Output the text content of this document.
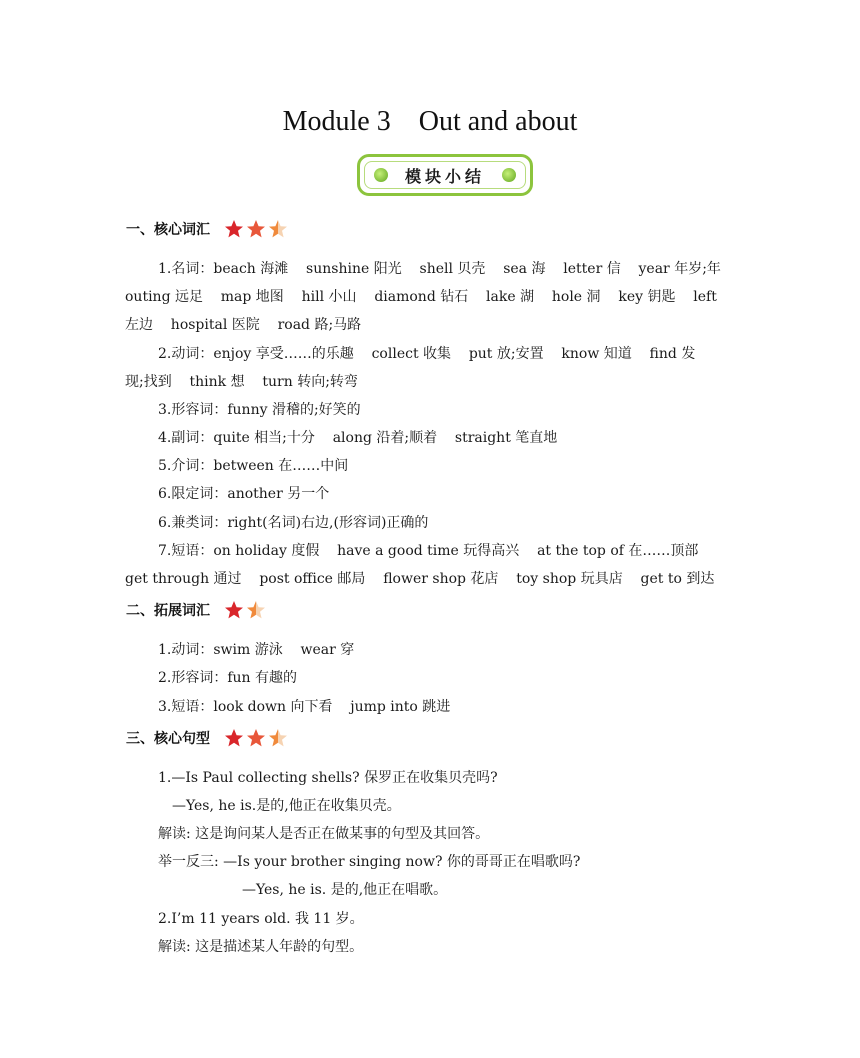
Module 3    Out and about
模块小结
一、核心词汇
1.名词：beach 海滩    sunshine 阳光    shell 贝壳    sea 海    letter 信    year 年岁;年
outing 远足    map 地图    hill 小山    diamond 钻石    lake 湖    hole 洞    key 钥匙    left
左边    hospital 医院    road 路;马路
2.动词：enjoy 享受……的乐趣    collect 收集    put 放;安置    know 知道    find 发
现;找到    think 想    turn 转向;转弯
3.形容词：funny 滑稽的;好笑的
4.副词：quite 相当;十分    along 沿着;顺着    straight 笔直地
5.介词：between 在……中间
6.限定词：another 另一个
6.兼类词：right(名词)右边,(形容词)正确的
7.短语：on holiday 度假    have a good time 玩得高兴    at the top of 在……顶部
get through 通过    post office 邮局    flower shop 花店    toy shop 玩具店    get to 到达
二、拓展词汇
1.动词：swim 游泳    wear 穿
2.形容词：fun 有趣的
3.短语：look down 向下看    jump into 跳进
三、核心句型
1.—Is Paul collecting shells? 保罗正在收集贝壳吗?
—Yes, he is.是的,他正在收集贝壳。
解读: 这是询问某人是否正在做某事的句型及其回答。
举一反三: —Is your brother singing now? 你的哥哥正在唱歌吗?
—Yes, he is. 是的,他正在唱歌。
2.I’m 11 years old. 我 11 岁。
解读: 这是描述某人年龄的句型。
